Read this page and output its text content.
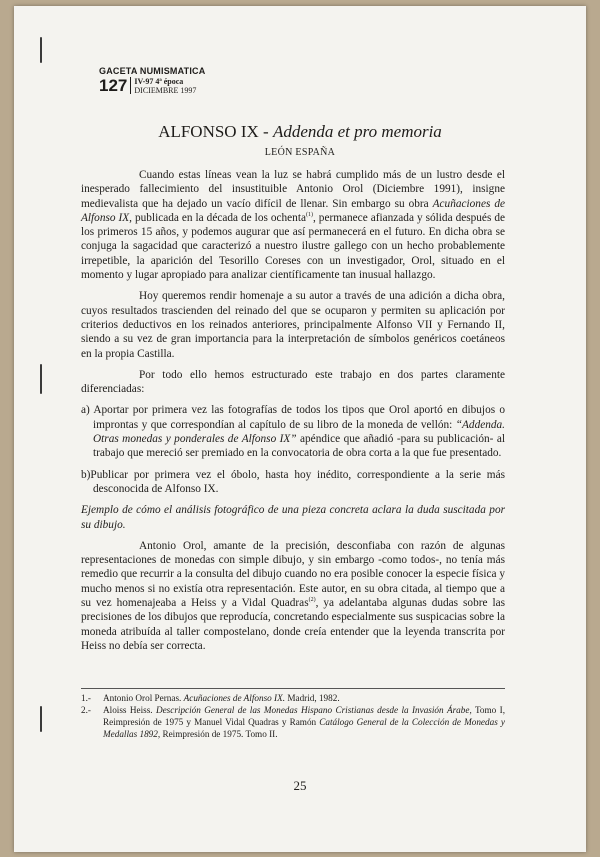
GACETA NUMISMATICA
127 IV-97 4ª época
DICIEMBRE 1997
ALFONSO IX - Addenda et pro memoria
LEÓN ESPAÑA

Cuando estas líneas vean la luz se habrá cumplido más de un lustro desde el inesperado fallecimiento del insustituible Antonio Orol (Diciembre 1991), insigne medievalista que ha dejado un vacío difícil de llenar. Sin embargo su obra Acuñaciones de Alfonso IX, publicada en la década de los ochenta$^{(1)}$, permanece afianzada y sólida después de los primeros 15 años, y podemos augurar que así permanecerá en el futuro. En dicha obra se conjuga la sagacidad que caracterizó a nuestro ilustre gallego con un hecho probablemente irrepetible, la aparición del Tesorillo Coreses con un investigador, Orol, situado en el momento y lugar apropiado para analizar científicamente tan inusual hallazgo.

Hoy queremos rendir homenaje a su autor a través de una adición a dicha obra, cuyos resultados trascienden del reinado del que se ocuparon y permiten su aplicación por criterios deductivos en los reinados anteriores, principalmente Alfonso VII y Fernando II, siendo a su vez de gran importancia para la interpretación de símbolos genéricos coetáneos en la propia Castilla.

Por todo ello hemos estructurado este trabajo en dos partes claramente diferenciadas:

a) Aportar por primera vez las fotografías de todos los tipos que Orol aportó en dibujos o improntas y que correspondían al capítulo de su libro de la moneda de vellón: “Addenda. Otras monedas y ponderales de Alfonso IX” apéndice que añadió -para su publicación- al trabajo que mereció ser premiado en la convocatoria de obra corta a la que fue presentado.

b)Publicar por primera vez el óbolo, hasta hoy inédito, correspondiente a la serie más desconocida de Alfonso IX.

Ejemplo de cómo el análisis fotográfico de una pieza concreta aclara la duda suscitada por su dibujo.

Antonio Orol, amante de la precisión, desconfiaba con razón de algunas representaciones de monedas con simple dibujo, y sin embargo -como todos-, no tenía más remedio que recurrir a la consulta del dibujo cuando no era posible conocer la especie física y mucho menos si no existía otra representación. Este autor, en su obra citada, al tiempo que a su vez homenajeaba a Heiss y a Vidal Quadras$^{(2)}$, ya adelantaba algunas dudas sobre las precisiones de los dibujos que reproducía, concretando especialmente sus suspicacias sobre la moneda atribuída al taller compostelano, donde creía entender que la leyenda transcrita por Heiss no debía ser correcta.

1.-	Antonio Orol Pernas. Acuñaciones de Alfonso IX. Madrid, 1982.
2.-	Aloiss Heiss. Descripción General de las Monedas Hispano Cristianas desde la Invasión Árabe, Tomo I, Reimpresión de 1975 y Manuel Vidal Quadras y Ramón Catálogo General de la Colección de Monedas y Medallas 1892, Reimpresión de 1975. Tomo II.
25
